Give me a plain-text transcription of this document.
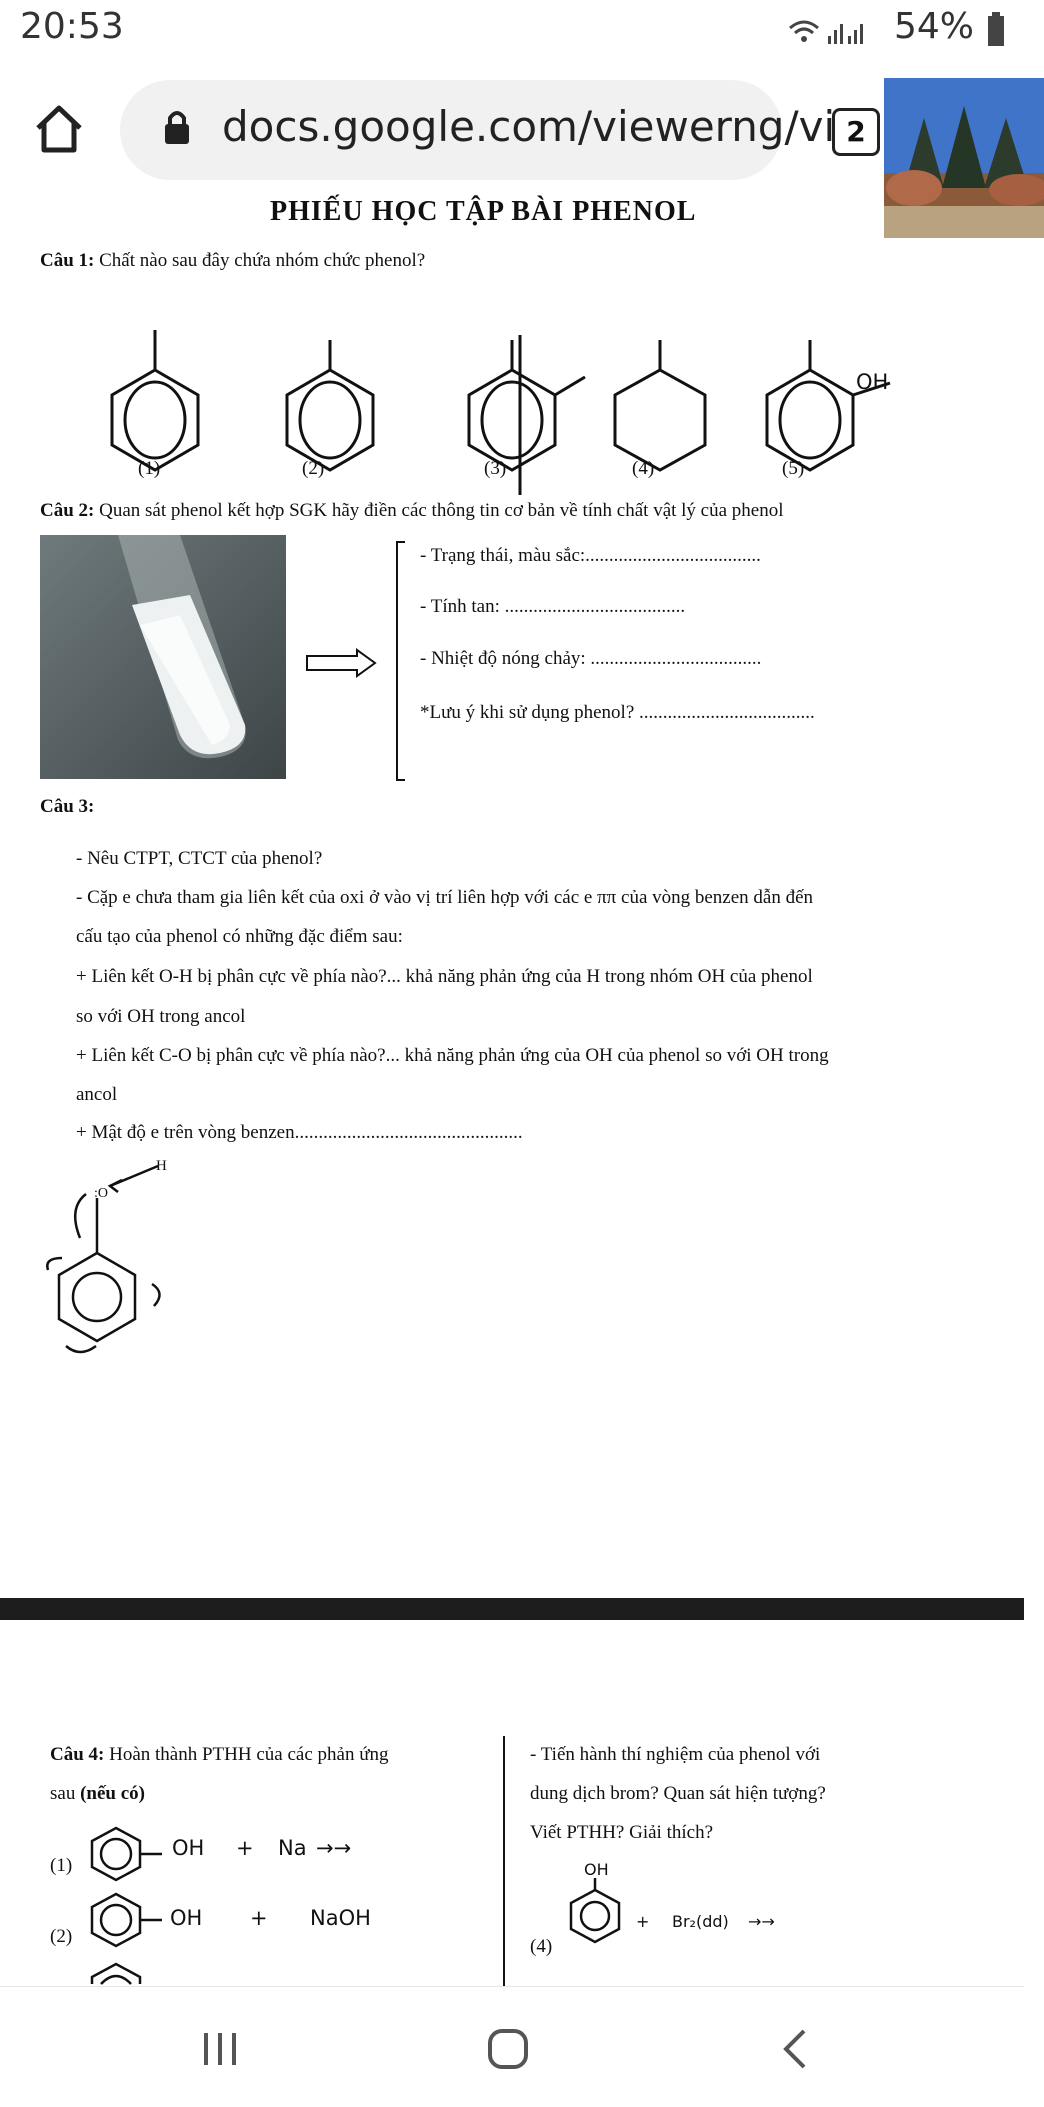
20:53	54%
docs.google.com/viewerng/vi 2
PHIẾU HỌC TẬP BÀI PHENOL
Câu 1: Chất nào sau đây chứa nhóm chức phenol?
OH
(1)	(2)	(3)	(4)	(5)
Câu 2: Quan sát phenol kết hợp SGK hãy điền các thông tin cơ bản về tính chất vật lý của phenol
- Trạng thái, màu sắc:.....................................
- Tính tan: ......................................
- Nhiệt độ nóng chảy: ....................................
*Lưu ý khi sử dụng phenol? .....................................
Câu 3:
- Nêu CTPT, CTCT của phenol?
- Cặp e chưa tham gia liên kết của oxi ở vào vị trí liên hợp với các e ππ của vòng benzen dẫn đến
cấu tạo của phenol có những đặc điểm sau:
+ Liên kết O-H bị phân cực về phía nào?... khả năng phản ứng của H trong nhóm OH của phenol
so với OH trong ancol
+ Liên kết C-O bị phân cực về phía nào?... khả năng phản ứng của OH của phenol so với OH trong
ancol
+ Mật độ e trên vòng benzen................................................
H
:O
Câu 4: Hoàn thành PTHH của các phản ứng
sau (nếu có)
(1)
OH + Na →→
(2)
OH + NaOH
- Tiến hành thí nghiệm của phenol với
dung dịch brom? Quan sát hiện tượng?
Viết PTHH? Giải thích?
OH
(4)
+ Br₂(dd) →→
